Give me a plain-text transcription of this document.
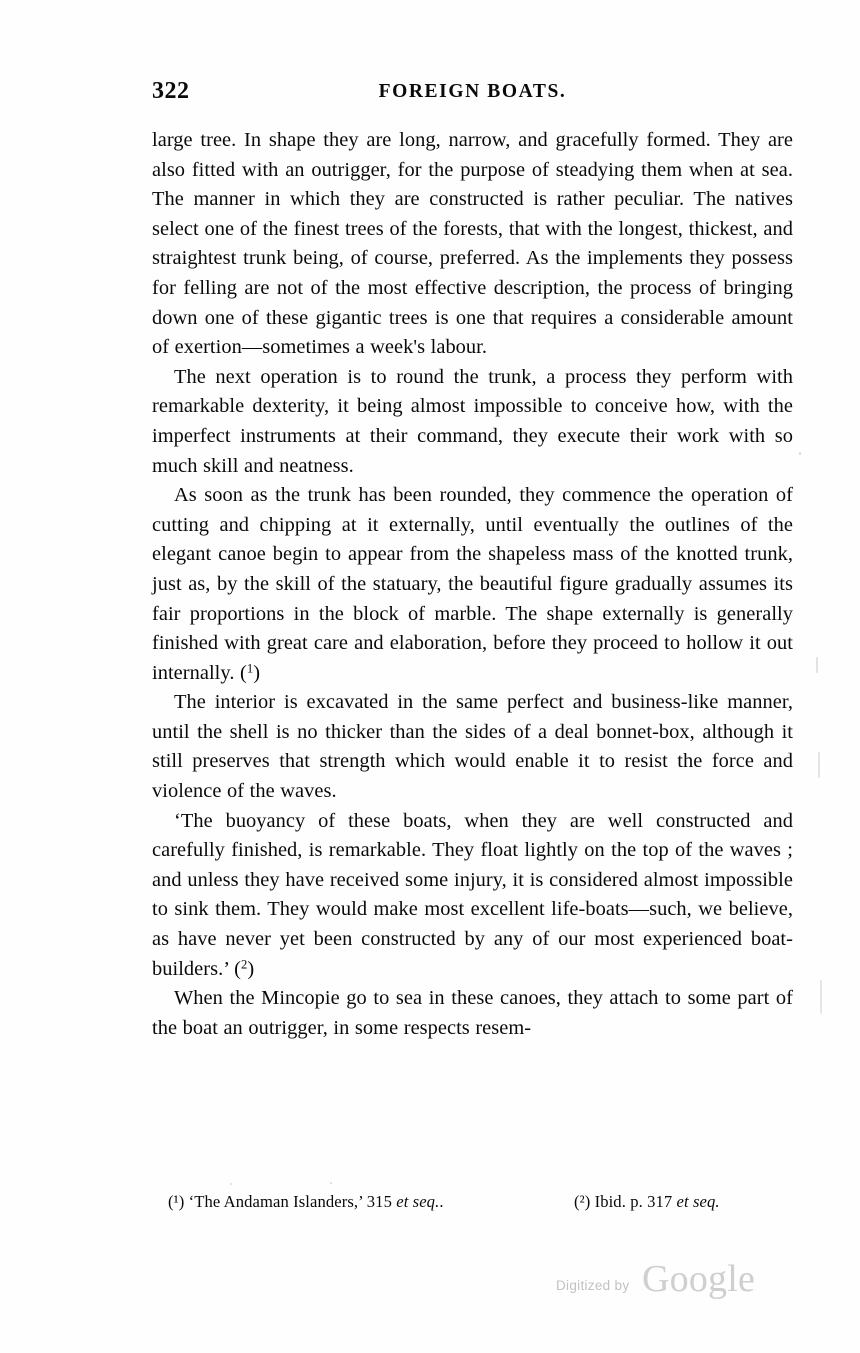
322	FOREIGN BOATS.

large tree. In shape they are long, narrow, and gracefully formed. They are also fitted with an outrigger, for the purpose of steadying them when at sea. The manner in which they are constructed is rather peculiar. The natives select one of the finest trees of the forests, that with the longest, thickest, and straightest trunk being, of course, preferred. As the implements they possess for felling are not of the most effective description, the process of bringing down one of these gigantic trees is one that requires a considerable amount of exertion—sometimes a week's labour.

The next operation is to round the trunk, a process they perform with remarkable dexterity, it being almost impossible to conceive how, with the imperfect instruments at their command, they execute their work with so much skill and neatness.

As soon as the trunk has been rounded, they commence the operation of cutting and chipping at it externally, until eventually the outlines of the elegant canoe begin to appear from the shapeless mass of the knotted trunk, just as, by the skill of the statuary, the beautiful figure gradually assumes its fair proportions in the block of marble. The shape externally is generally finished with great care and elaboration, before they proceed to hollow it out internally. ($^1$)

The interior is excavated in the same perfect and business-like manner, until the shell is no thicker than the sides of a deal bonnet-box, although it still preserves that strength which would enable it to resist the force and violence of the waves.

‘The buoyancy of these boats, when they are well constructed and carefully finished, is remarkable. They float lightly on the top of the waves ; and unless they have received some injury, it is considered almost impossible to sink them. They would make most excellent life-boats—such, we believe, as have never yet been constructed by any of our most experienced boat-builders.’ ($^2$)

When the Mincopie go to sea in these canoes, they attach to some part of the boat an outrigger, in some respects resem-

(¹) ‘The Andaman Islanders,’ 315 et seq..	(²) Ibid. p. 317 et seq.
Digitized by Google
